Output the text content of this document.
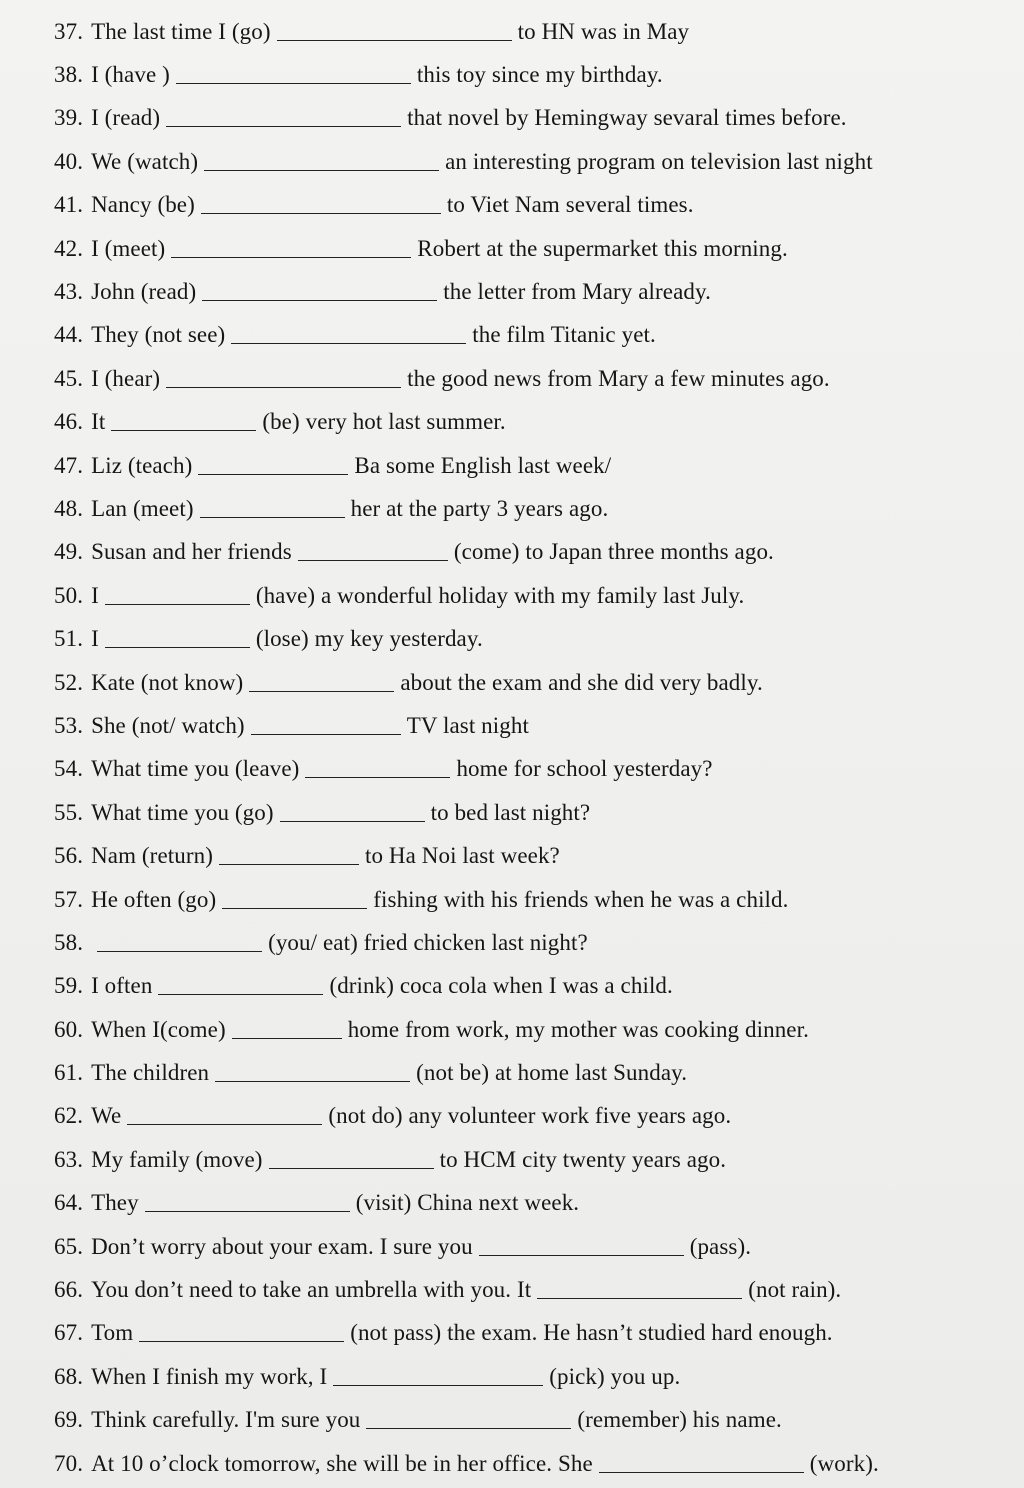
37. The last time I (go)	to HN was in May
38. I (have )	this toy since my birthday.
39. I (read)	that novel by Hemingway sevaral times before.
40. We (watch)	an interesting program on television last night
41. Nancy (be)	to Viet Nam several times.
42. I (meet)	Robert at the supermarket this morning.
43. John (read)	the letter from Mary already.
44. They (not see)	the film Titanic yet.
45. I (hear)	the good news from Mary a few minutes ago.
46. It	(be) very hot last summer.
47. Liz (teach)	Ba some English last week/
48. Lan (meet)	her at the party 3 years ago.
49. Susan and her friends	(come) to Japan three months ago.
50. I	(have) a wonderful holiday with my family last July.
51. I	(lose) my key yesterday.
52. Kate (not know)	about the exam and she did very badly.
53. She (not/ watch)	TV last night
54. What time you (leave)	home for school yesterday?
55. What time you (go)	to bed last night?
56. Nam (return)	to Ha Noi last week?
57. He often (go)	fishing with his friends when he was a child.
58.	(you/ eat) fried chicken last night?
59. I often	(drink) coca cola when I was a child.
60. When I(come)	home from work, my mother was cooking dinner.
61. The children	(not be) at home last Sunday.
62. We	(not do) any volunteer work five years ago.
63. My family (move)	to HCM city twenty years ago.
64. They	(visit) China next week.
65. Don’t worry about your exam. I sure you	(pass).
66. You don’t need to take an umbrella with you. It	(not rain).
67. Tom	(not pass) the exam. He hasn’t studied hard enough.
68. When I finish my work, I	(pick) you up.
69. Think carefully. I'm sure you	(remember) his name.
70. At 10 o’clock tomorrow, she will be in her office. She	(work).
